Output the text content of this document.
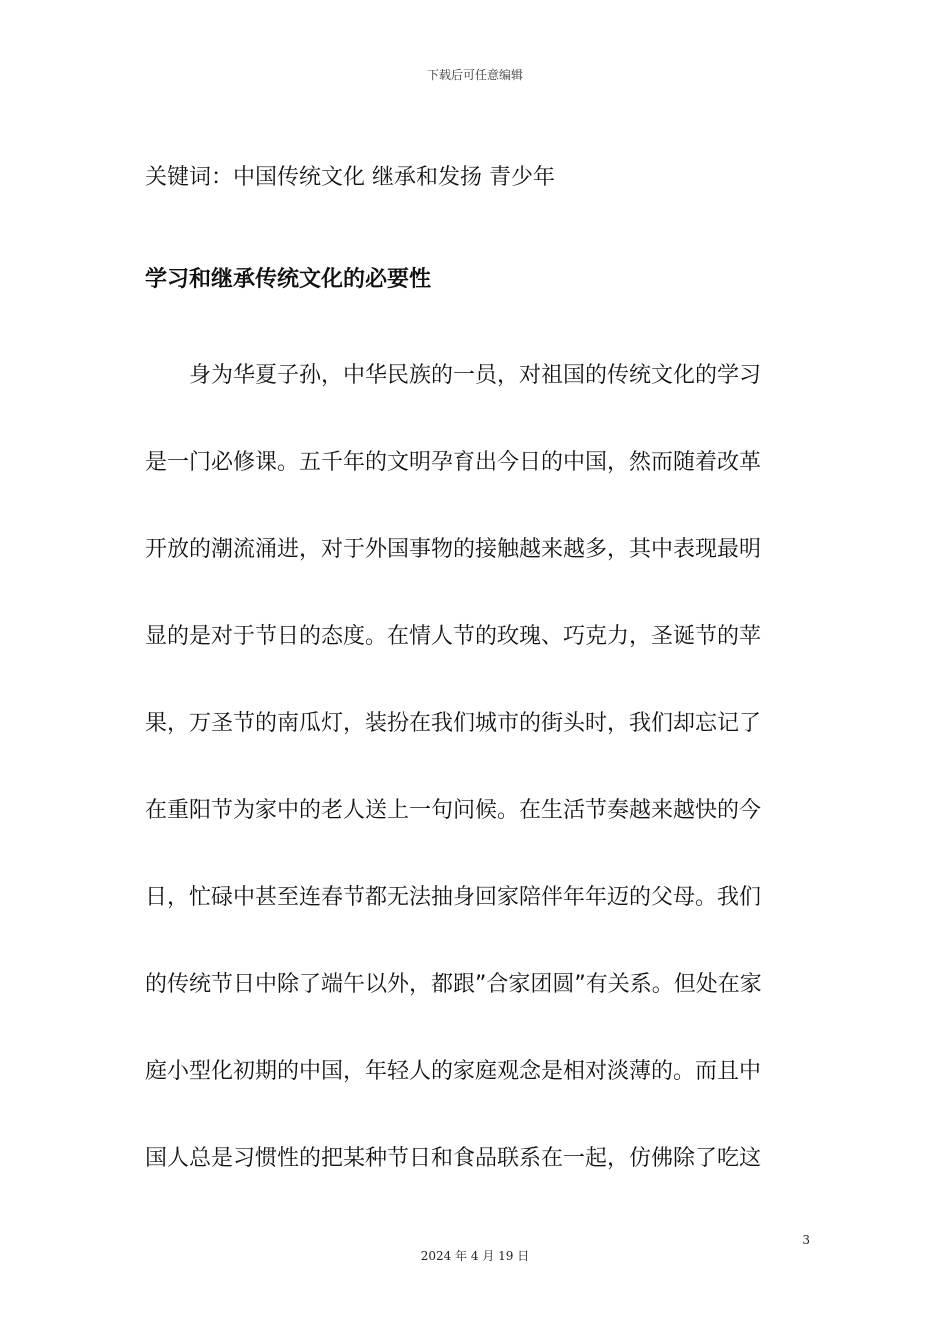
下载后可任意编辑
关键词：中国传统文化 继承和发扬 青少年
学习和继承传统文化的必要性
身为华夏子孙，中华民族的一员，对祖国的传统文化的学习
是一门必修课。五千年的文明孕育出今日的中国，然而随着改革
开放的潮流涌进，对于外国事物的接触越来越多，其中表现最明
显的是对于节日的态度。在情人节的玫瑰、巧克力，圣诞节的苹
果，万圣节的南瓜灯，装扮在我们城市的街头时，我们却忘记了
在重阳节为家中的老人送上一句问候。在生活节奏越来越快的今
日，忙碌中甚至连春节都无法抽身回家陪伴年年迈的父母。我们
的传统节日中除了端午以外，都跟”合家团圆”有关系。但处在家
庭小型化初期的中国，年轻人的家庭观念是相对淡薄的。而且中
国人总是习惯性的把某种节日和食品联系在一起，仿佛除了吃这
3
2024 年 4 月 19 日
